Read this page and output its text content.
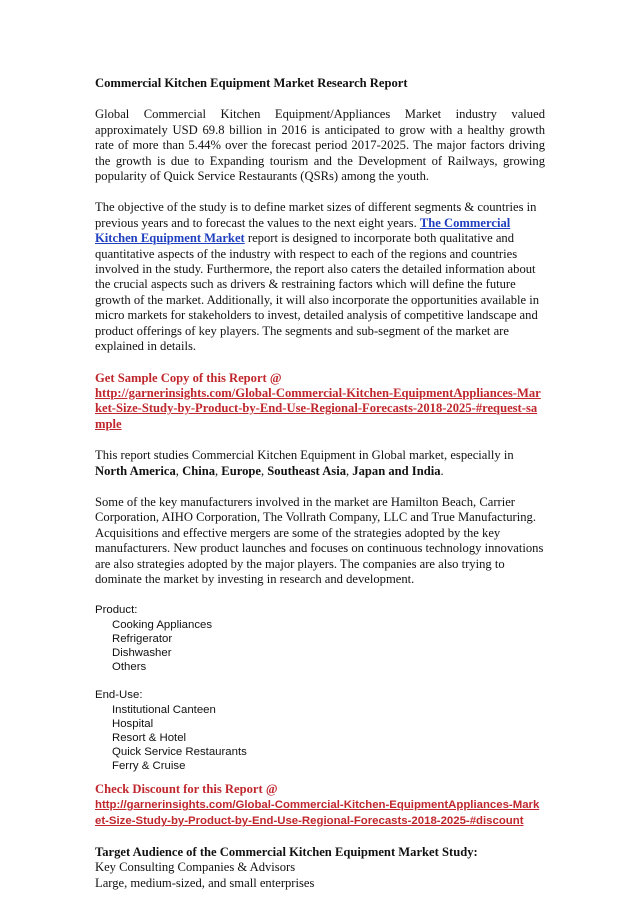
Commercial Kitchen Equipment Market Research Report

Global Commercial Kitchen Equipment/Appliances Market industry valued approximately USD 69.8 billion in 2016 is anticipated to grow with a healthy growth rate of more than 5.44% over the forecast period 2017-2025. The major factors driving the growth is due to Expanding tourism and the Development of Railways, growing popularity of Quick Service Restaurants (QSRs) among the youth.

The objective of the study is to define market sizes of different segments & countries in previous years and to forecast the values to the next eight years. The Commercial Kitchen Equipment Market report is designed to incorporate both qualitative and quantitative aspects of the industry with respect to each of the regions and countries involved in the study. Furthermore, the report also caters the detailed information about the crucial aspects such as drivers & restraining factors which will define the future growth of the market. Additionally, it will also incorporate the opportunities available in micro markets for stakeholders to invest, detailed analysis of competitive landscape and product offerings of key players. The segments and sub-segment of the market are explained in details.

Get Sample Copy of this Report @

http://garnerinsights.com/Global-Commercial-Kitchen-EquipmentAppliances-Market-Size-Study-by-Product-by-End-Use-Regional-Forecasts-2018-2025-#request-sample

This report studies Commercial Kitchen Equipment in Global market, especially in North America, China, Europe, Southeast Asia, Japan and India.

Some of the key manufacturers involved in the market are Hamilton Beach, Carrier Corporation, AIHO Corporation, The Vollrath Company, LLC and True Manufacturing. Acquisitions and effective mergers are some of the strategies adopted by the key manufacturers. New product launches and focuses on continuous technology innovations are also strategies adopted by the major players. The companies are also trying to dominate the market by investing in research and development.

Product:

Cooking Appliances
Refrigerator
Dishwasher
Others

End-Use:

Institutional Canteen
Hospital
Resort & Hotel
Quick Service Restaurants
Ferry & Cruise

Check Discount for this Report @

http://garnerinsights.com/Global-Commercial-Kitchen-EquipmentAppliances-Market-Size-Study-by-Product-by-End-Use-Regional-Forecasts-2018-2025-#discount

Target Audience of the Commercial Kitchen Equipment Market Study:

Key Consulting Companies & Advisors

Large, medium-sized, and small enterprises
